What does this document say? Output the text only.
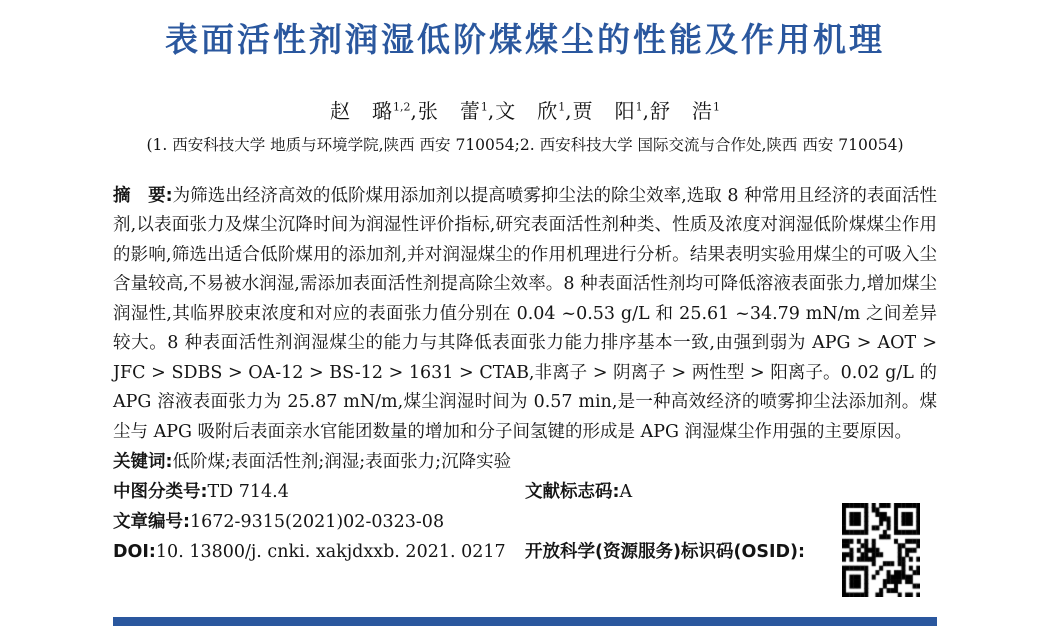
表面活性剂润湿低阶煤煤尘的性能及作用机理
赵　璐$^{1,2}$,张　蕾$^1$,文　欣$^1$,贾　阳$^1$,舒　浩$^1$
(1. 西安科技大学 地质与环境学院,陕西 西安 710054;2. 西安科技大学 国际交流与合作处,陕西 西安 710054)

摘　要:为筛选出经济高效的低阶煤用添加剂以提高喷雾抑尘法的除尘效率,选取 8 种常用且经济的表面活性剂,以表面张力及煤尘沉降时间为润湿性评价指标,研究表面活性剂种类、性质及浓度对润湿低阶煤煤尘作用的影响,筛选出适合低阶煤用的添加剂,并对润湿煤尘的作用机理进行分析。结果表明实验用煤尘的可吸入尘含量较高,不易被水润湿,需添加表面活性剂提高除尘效率。8 种表面活性剂均可降低溶液表面张力,增加煤尘润湿性,其临界胶束浓度和对应的表面张力值分别在 0.04 ~0.53 g/L 和 25.61 ~34.79 mN/m 之间差异较大。8 种表面活性剂润湿煤尘的能力与其降低表面张力能力排序基本一致,由强到弱为 APG > AOT > JFC > SDBS > OA-12 > BS-12 > 1631 > CTAB,非离子 > 阴离子 > 两性型 > 阳离子。0.02 g/L 的 APG 溶液表面张力为 25.87 mN/m,煤尘润湿时间为 0.57 min,是一种高效经济的喷雾抑尘法添加剂。煤尘与 APG 吸附后表面亲水官能团数量的增加和分子间氢键的形成是 APG 润湿煤尘作用强的主要原因。

关键词:低阶煤;表面活性剂;润湿;表面张力;沉降实验

中图分类号:TD 714.4	文献标志码:A

文章编号:1672-9315(2021)02-0323-08

DOI:10. 13800/j. cnki. xakjdxxb. 2021. 0217 开放科学(资源服务)标识码(OSID):
